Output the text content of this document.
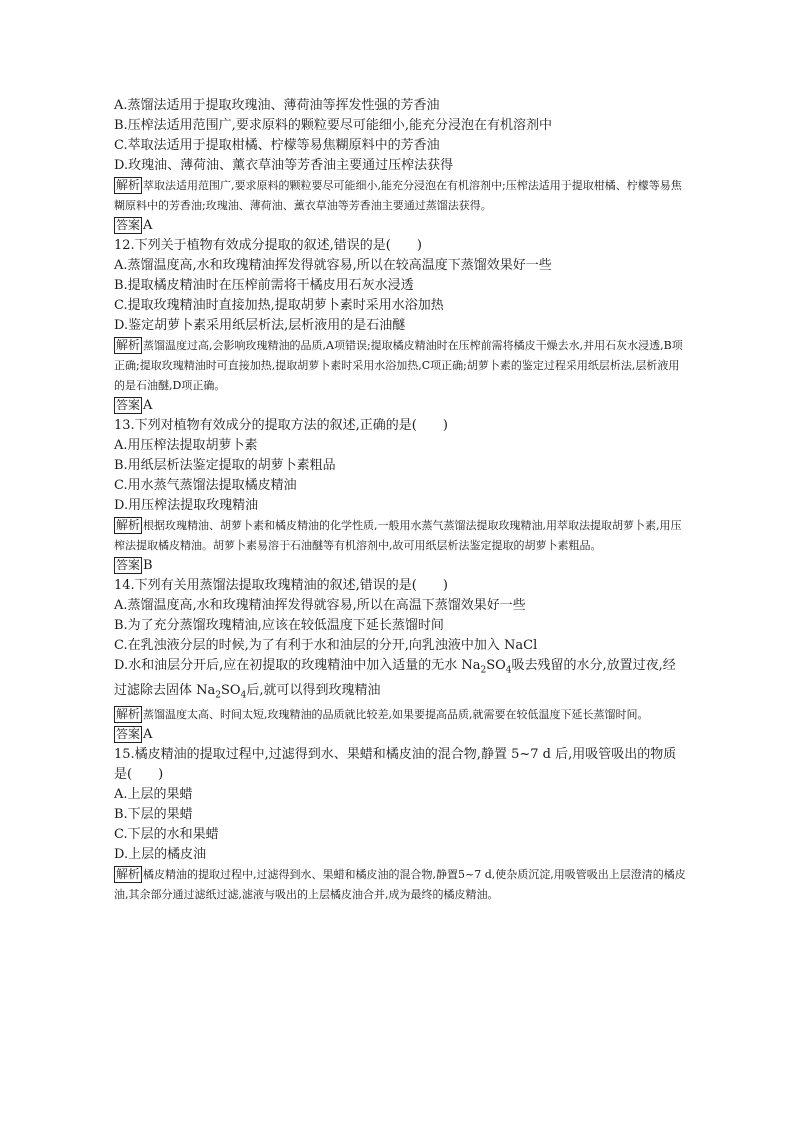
A.蒸馏法适用于提取玫瑰油、薄荷油等挥发性强的芳香油
B.压榨法适用范围广,要求原料的颗粒要尽可能细小,能充分浸泡在有机溶剂中
C.萃取法适用于提取柑橘、柠檬等易焦糊原料中的芳香油
D.玫瑰油、薄荷油、薰衣草油等芳香油主要通过压榨法获得
解析 萃取法适用范围广,要求原料的颗粒要尽可能细小,能充分浸泡在有机溶剂中;压榨法适用于提取柑橘、柠檬等易焦糊原料中的芳香油;玫瑰油、薄荷油、薰衣草油等芳香油主要通过蒸馏法获得。
答案 A
12.下列关于植物有效成分提取的叙述,错误的是(　　)
A.蒸馏温度高,水和玫瑰精油挥发得就容易,所以在较高温度下蒸馏效果好一些
B.提取橘皮精油时在压榨前需将干橘皮用石灰水浸透
C.提取玫瑰精油时直接加热,提取胡萝卜素时采用水浴加热
D.鉴定胡萝卜素采用纸层析法,层析液用的是石油醚
解析 蒸馏温度过高,会影响玫瑰精油的品质,A项错误;提取橘皮精油时在压榨前需将橘皮干燥去水,并用石灰水浸透,B项正确;提取玫瑰精油时可直接加热,提取胡萝卜素时采用水浴加热,C项正确;胡萝卜素的鉴定过程采用纸层析法,层析液用的是石油醚,D项正确。
答案 A
13.下列对植物有效成分的提取方法的叙述,正确的是(　　)
A.用压榨法提取胡萝卜素
B.用纸层析法鉴定提取的胡萝卜素粗品
C.用水蒸气蒸馏法提取橘皮精油
D.用压榨法提取玫瑰精油
解析 根据玫瑰精油、胡萝卜素和橘皮精油的化学性质,一般用水蒸气蒸馏法提取玫瑰精油,用萃取法提取胡萝卜素,用压榨法提取橘皮精油。胡萝卜素易溶于石油醚等有机溶剂中,故可用纸层析法鉴定提取的胡萝卜素粗品。
答案 B
14.下列有关用蒸馏法提取玫瑰精油的叙述,错误的是(　　)
A.蒸馏温度高,水和玫瑰精油挥发得就容易,所以在高温下蒸馏效果好一些
B.为了充分蒸馏玫瑰精油,应该在较低温度下延长蒸馏时间
C.在乳浊液分层的时候,为了有利于水和油层的分开,向乳浊液中加入 NaCl
D.水和油层分开后,应在初提取的玫瑰精油中加入适量的无水 $Na_2SO_4$吸去残留的水分,放置过夜,经过滤除去固体 $Na_2SO_4$后,就可以得到玫瑰精油
解析 蒸馏温度太高、时间太短,玫瑰精油的品质就比较差,如果要提高品质,就需要在较低温度下延长蒸馏时间。
答案 A
15.橘皮精油的提取过程中,过滤得到水、果蜡和橘皮油的混合物,静置 5~7 d 后,用吸管吸出的物质是(　　)
A.上层的果蜡
B.下层的果蜡
C.下层的水和果蜡
D.上层的橘皮油
解析 橘皮精油的提取过程中,过滤得到水、果蜡和橘皮油的混合物,静置5~7 d,使杂质沉淀,用吸管吸出上层澄清的橘皮油,其余部分通过滤纸过滤,滤液与吸出的上层橘皮油合并,成为最终的橘皮精油。
